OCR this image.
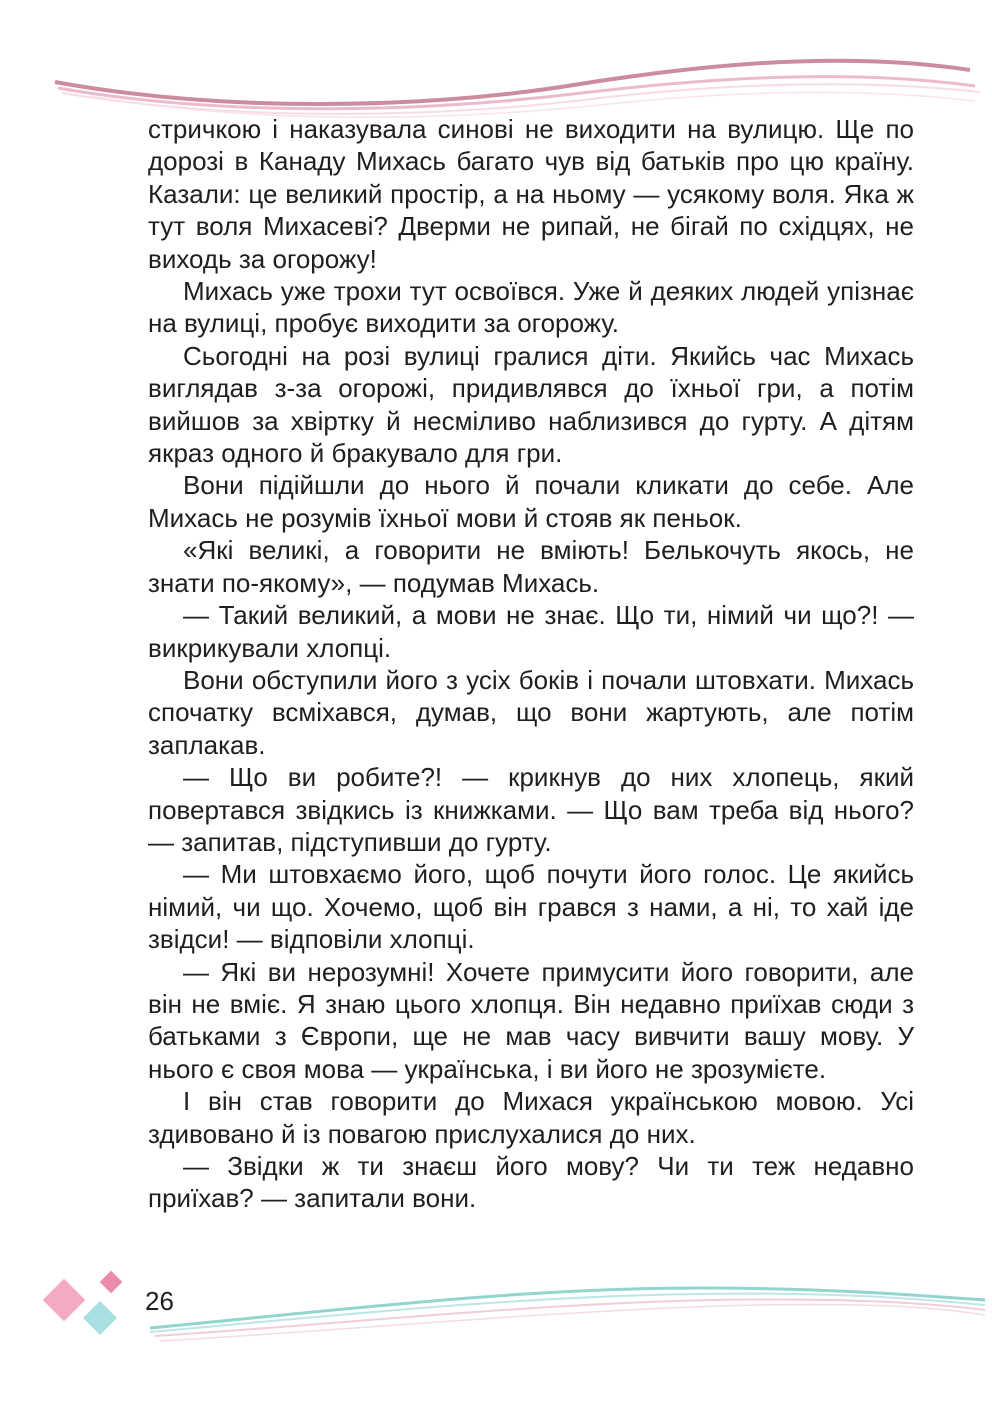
стричкою і наказувала синові не виходити на вулицю. Ще по дорозі в Канаду Михась багато чув від батьків про цю країну. Казали: це великий простір, а на ньому — усякому воля. Яка ж тут воля Михасеві? Дверми не рипай, не бігай по східцях, не виходь за огорожу!

Михась уже трохи тут освоївся. Уже й деяких людей упізнає на вулиці, пробує виходити за огорожу.

Сьогодні на розі вулиці гралися діти. Якийсь час Михась виглядав з-за огорожі, придивлявся до їхньої гри, а потім вийшов за хвіртку й несміливо наблизився до гурту. А дітям якраз одного й бракувало для гри.

Вони підійшли до нього й почали кликати до себе. Але Михась не розумів їхньої мови й стояв як пеньок.

«Які великі, а говорити не вміють! Белькочуть якось, не знати по-якому», — подумав Михась.

— Такий великий, а мови не знає. Що ти, німий чи що?! — викрикували хлопці.

Вони обступили його з усіх боків і почали штовхати. Михась спочатку всміхався, думав, що вони жартують, але потім заплакав.

— Що ви робите?! — крикнув до них хлопець, який повертався звідкись із книжками. — Що вам треба від нього? — запитав, підступивши до гурту.

— Ми штовхаємо його, щоб почути його голос. Це якийсь німий, чи що. Хочемо, щоб він грався з нами, а ні, то хай іде звідси! — відповіли хлопці.

— Які ви нерозумні! Хочете примусити його говорити, але він не вміє. Я знаю цього хлопця. Він недавно приїхав сюди з батьками з Європи, ще не мав часу вивчити вашу мову. У нього є своя мова — українська, і ви його не зрозумієте.

І він став говорити до Михася українською мовою. Усі здивовано й із повагою прислухалися до них.

— Звідки ж ти знаєш його мову? Чи ти теж недавно приїхав? — запитали вони.

26
